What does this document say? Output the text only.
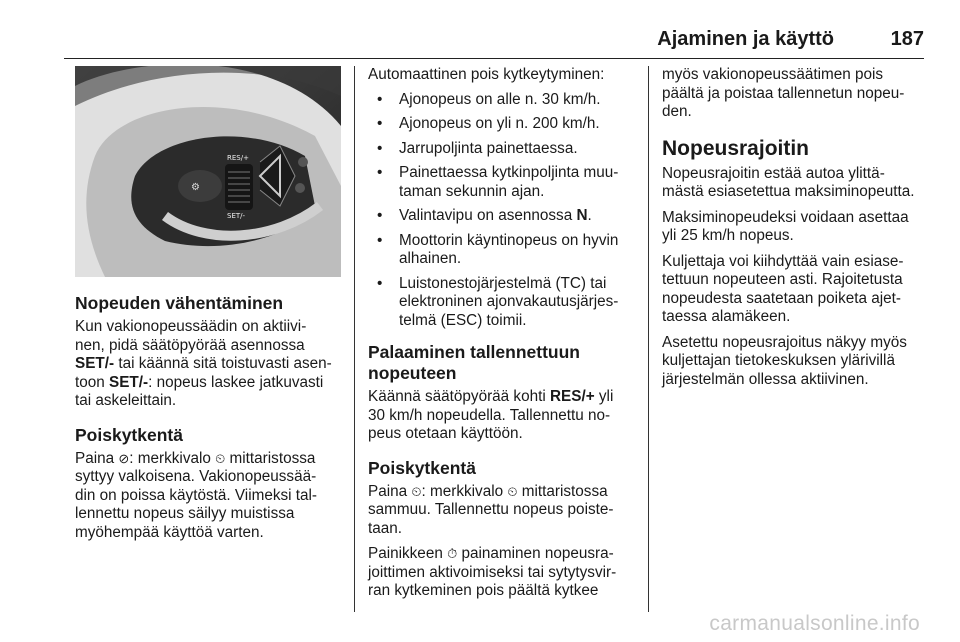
Ajaminen ja käyttö	187
⚙
RES/+
SET/-
Nopeuden vähentäminen

Kun vakionopeussäädin on aktiivi-
nen, pidä säätöpyörää asennossa
SET/- tai käännä sitä toistuvasti asen-
toon SET/-: nopeus laskee jatkuvasti
tai askeleittain.

Poiskytkentä

Paina ⊘: merkkivalo ⏲ mittaristossa
syttyy valkoisena. Vakionopeussää-
din on poissa käytöstä. Viimeksi tal-
lennettu nopeus säilyy muistissa
myöhempää käyttöä varten.

Automaattinen pois kytkeytyminen:

• Ajonopeus on alle n. 30 km/h.
• Ajonopeus on yli n. 200 km/h.
• Jarrupoljinta painettaessa.
• Painettaessa kytkinpoljinta muu-
taman sekunnin ajan.
• Valintavipu on asennossa N.
• Moottorin käyntinopeus on hyvin
alhainen.
• Luistonestojärjestelmä (TC) tai
elektroninen ajonvakautusjärjes-
telmä (ESC) toimii.
Palaaminen tallennettuun
nopeuteen

Käännä säätöpyörää kohti RES/+ yli
30 km/h nopeudella. Tallennettu no-
peus otetaan käyttöön.

Poiskytkentä

Paina ⏲: merkkivalo ⏲ mittaristossa
sammuu. Tallennettu nopeus poiste-
taan.

Painikkeen ⏱ painaminen nopeusra-
joittimen aktivoimiseksi tai sytytysvir-
ran kytkeminen pois päältä kytkee

myös vakionopeussäätimen pois
päältä ja poistaa tallennetun nopeu-
den.

Nopeusrajoitin

Nopeusrajoitin estää autoa ylittä-
mästä esiasetettua maksiminopeutta.

Maksiminopeudeksi voidaan asettaa
yli 25 km/h nopeus.

Kuljettaja voi kiihdyttää vain esiase-
tettuun nopeuteen asti. Rajoitetusta
nopeudesta saatetaan poiketa ajet-
taessa alamäkeen.

Asetettu nopeusrajoitus näkyy myös
kuljettajan tietokeskuksen ylärivillä
järjestelmän ollessa aktiivinen.

carmanualsonline.info
